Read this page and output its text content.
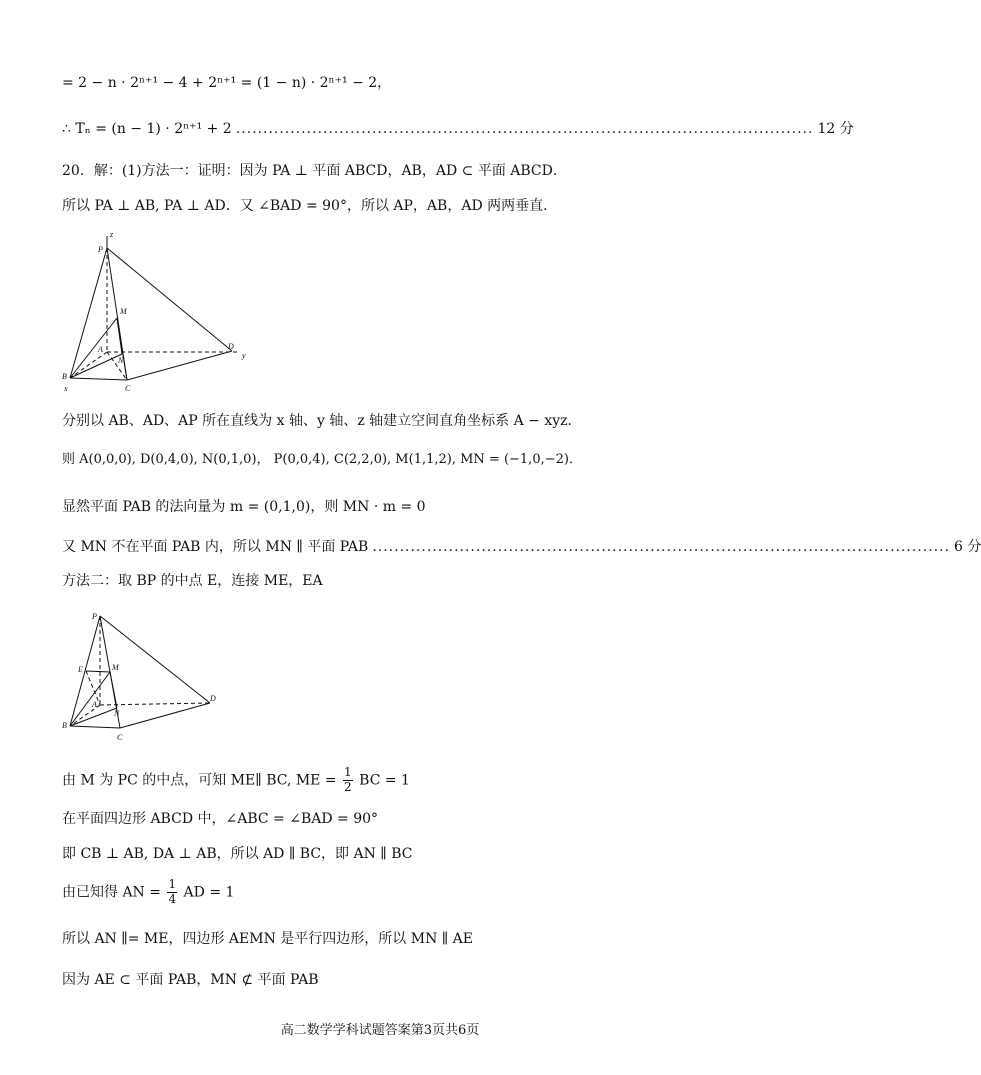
= 2 − n · 2ⁿ⁺¹ − 4 + 2ⁿ⁺¹ = (1 − n) · 2ⁿ⁺¹ − 2，
∴ Tₙ = (n − 1) · 2ⁿ⁺¹ + 2 .......................................................................................................... 12 分
20．解：(1)方法一：证明：因为 PA ⊥ 平面 ABCD，AB，AD ⊂ 平面 ABCD．
所以 PA ⊥ AB, PA ⊥ AD．又 ∠BAD = 90°，所以 AP，AB，AD 两两垂直．
P
z
M
A
N
D
y
B
x	C
分别以 AB、AD、AP 所在直线为 x 轴、y 轴、z 轴建立空间直角坐标系 A − xyz．
则 A(0,0,0), D(0,4,0), N(0,1,0)， P(0,0,4), C(2,2,0), M(1,1,2), MN = (−1,0,−2)．
显然平面 PAB 的法向量为 m = (0,1,0)，则 MN · m = 0
又 MN 不在平面 PAB 内，所以 MN ∥ 平面 PAB .......................................................................................................... 6 分
方法二：取 BP 的中点 E，连接 ME，EA
P
E	M
A
N
D
B
C
由 M 为 PC 的中点，可知 ME∥ BC, ME = $\frac{1}{2}$ BC = 1
在平面四边形 ABCD 中，∠ABC = ∠BAD = 90°
即 CB ⊥ AB, DA ⊥ AB，所以 AD ∥ BC，即 AN ∥ BC
由已知得 AN = $\frac{1}{4}$ AD = 1
所以 AN ∥= ME，四边形 AEMN 是平行四边形，所以 MN ∥ AE
因为 AE ⊂ 平面 PAB，MN ⊄ 平面 PAB
高二数学学科试题答案第3页共6页
